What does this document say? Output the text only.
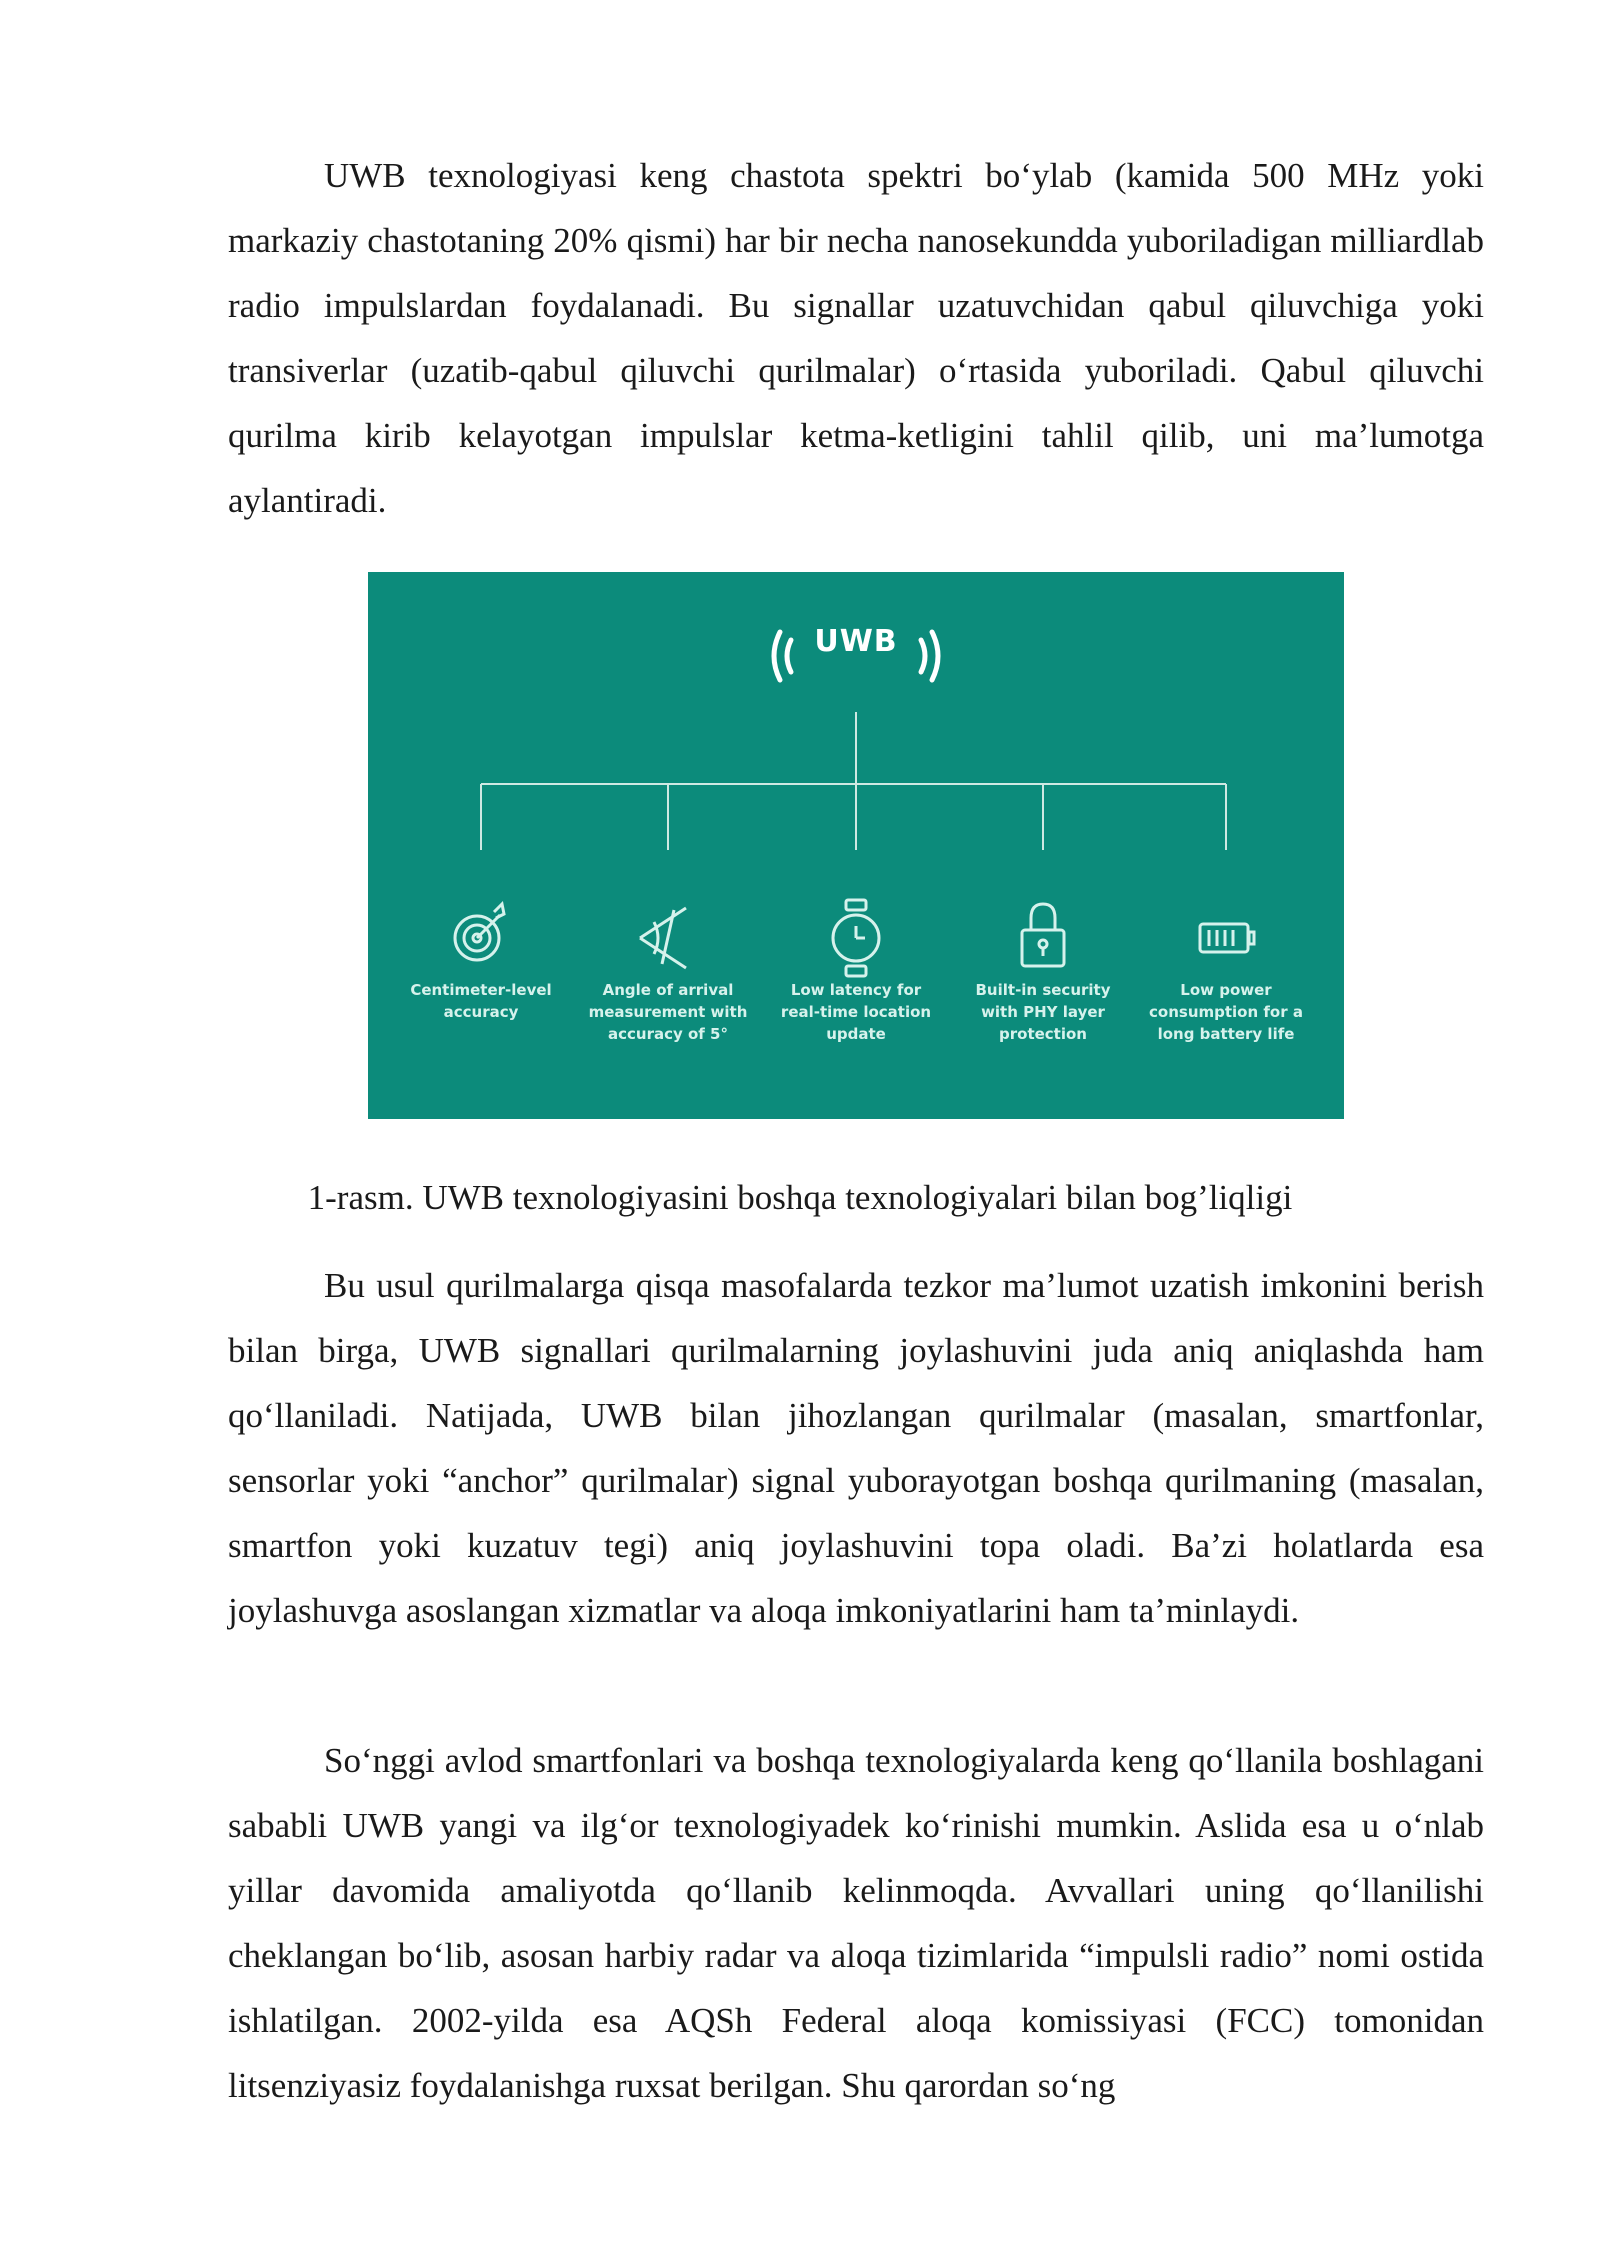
UWB texnologiyasi keng chastota spektri bo‘ylab (kamida 500 MHz yoki markaziy chastotaning 20% qismi) har bir necha nanosekundda yuboriladigan milliardlab radio impulslardan foydalanadi. Bu signallar uzatuvchidan qabul qiluvchiga yoki transiverlar (uzatib-qabul qiluvchi qurilmalar) o‘rtasida yuboriladi. Qabul qiluvchi qurilma kirib kelayotgan impulslar ketma-ketligini tahlil qilib, uni ma’lumotga aylantiradi.

UWB
Centimeter-level accuracy
Angle of arrival measurement with accuracy of 5°
Low latency for real-time location update
Built-in security with PHY layer protection
Low power consumption for a long battery life

1-rasm. UWB texnologiyasini boshqa texnologiyalari bilan bog’liqligi

Bu usul qurilmalarga qisqa masofalarda tezkor ma’lumot uzatish imkonini berish bilan birga, UWB signallari qurilmalarning joylashuvini juda aniq aniqlashda ham qo‘llaniladi. Natijada, UWB bilan jihozlangan qurilmalar (masalan, smartfonlar, sensorlar yoki “anchor” qurilmalar) signal yuborayotgan boshqa qurilmaning (masalan, smartfon yoki kuzatuv tegi) aniq joylashuvini topa oladi. Ba’zi holatlarda esa joylashuvga asoslangan xizmatlar va aloqa imkoniyatlarini ham ta’minlaydi.

So‘nggi avlod smartfonlari va boshqa texnologiyalarda keng qo‘llanila boshlagani sababli UWB yangi va ilg‘or texnologiyadek ko‘rinishi mumkin. Aslida esa u o‘nlab yillar davomida amaliyotda qo‘llanib kelinmoqda. Avvallari uning qo‘llanilishi cheklangan bo‘lib, asosan harbiy radar va aloqa tizimlarida “impulsli radio” nomi ostida ishlatilgan. 2002-yilda esa AQSh Federal aloqa komissiyasi (FCC) tomonidan litsenziyasiz foydalanishga ruxsat berilgan. Shu qarordan so‘ng
